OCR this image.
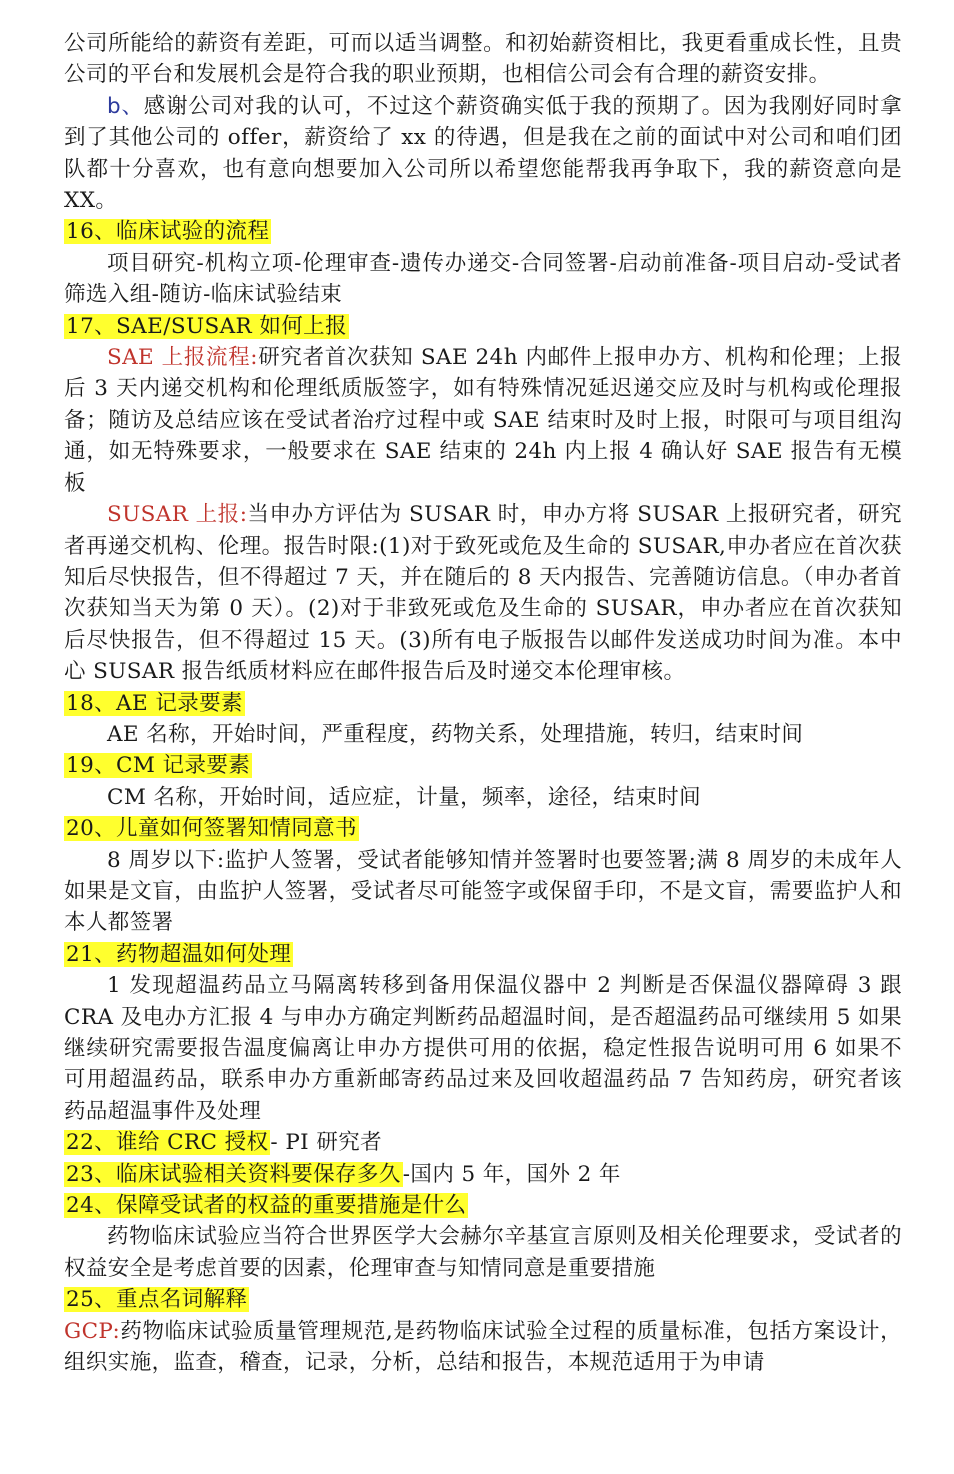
公司所能给的薪资有差距，可而以适当调整。和初始薪资相比，我更看重成长性，且贵公司的平台和发展机会是符合我的职业预期，也相信公司会有合理的薪资安排。

b、感谢公司对我的认可，不过这个薪资确实低于我的预期了。因为我刚好同时拿到了其他公司的 offer，薪资给了 xx 的待遇，但是我在之前的面试中对公司和咱们团队都十分喜欢，也有意向想要加入公司所以希望您能帮我再争取下，我的薪资意向是 XX。

16、临床试验的流程

项目研究-机构立项-伦理审查-遗传办递交-合同签署-启动前准备-项目启动-受试者筛选入组-随访-临床试验结束

17、SAE/SUSAR 如何上报

SAE 上报流程:研究者首次获知 SAE 24h 内邮件上报申办方、机构和伦理；上报后 3 天内递交机构和伦理纸质版签字，如有特殊情况延迟递交应及时与机构或伦理报备；随访及总结应该在受试者治疗过程中或 SAE 结束时及时上报，时限可与项目组沟通，如无特殊要求，一般要求在 SAE 结束的 24h 内上报 4 确认好 SAE 报告有无模板

SUSAR 上报:当申办方评估为 SUSAR 时，申办方将 SUSAR 上报研究者，研究者再递交机构、伦理。报告时限:(1)对于致死或危及生命的 SUSAR,申办者应在首次获知后尽快报告，但不得超过 7 天，并在随后的 8 天内报告、完善随访信息。（申办者首次获知当天为第 0 天）。(2)对于非致死或危及生命的 SUSAR，申办者应在首次获知后尽快报告，但不得超过 15 天。(3)所有电子版报告以邮件发送成功时间为准。本中心 SUSAR 报告纸质材料应在邮件报告后及时递交本伦理审核。

18、AE 记录要素

AE 名称，开始时间，严重程度，药物关系，处理措施，转归，结束时间

19、CM 记录要素

CM 名称，开始时间，适应症，计量，频率，途径，结束时间

20、儿童如何签署知情同意书

8 周岁以下:监护人签署，受试者能够知情并签署时也要签署;满 8 周岁的未成年人如果是文盲，由监护人签署，受试者尽可能签字或保留手印，不是文盲，需要监护人和本人都签署

21、药物超温如何处理

1 发现超温药品立马隔离转移到备用保温仪器中 2 判断是否保温仪器障碍 3 跟 CRA 及电办方汇报 4 与申办方确定判断药品超温时间，是否超温药品可继续用 5 如果继续研究需要报告温度偏离让申办方提供可用的依据，稳定性报告说明可用 6 如果不可用超温药品，联系申办方重新邮寄药品过来及回收超温药品 7 告知药房，研究者该药品超温事件及处理

22、谁给 CRC 授权- PI 研究者
23、临床试验相关资料要保存多久-国内 5 年，国外 2 年
24、保障受试者的权益的重要措施是什么

药物临床试验应当符合世界医学大会赫尔辛基宣言原则及相关伦理要求，受试者的权益安全是考虑首要的因素，伦理审查与知情同意是重要措施

25、重点名词解释

GCP:药物临床试验质量管理规范,是药物临床试验全过程的质量标准，包括方案设计，组织实施，监查，稽查，记录，分析，总结和报告，本规范适用于为申请
